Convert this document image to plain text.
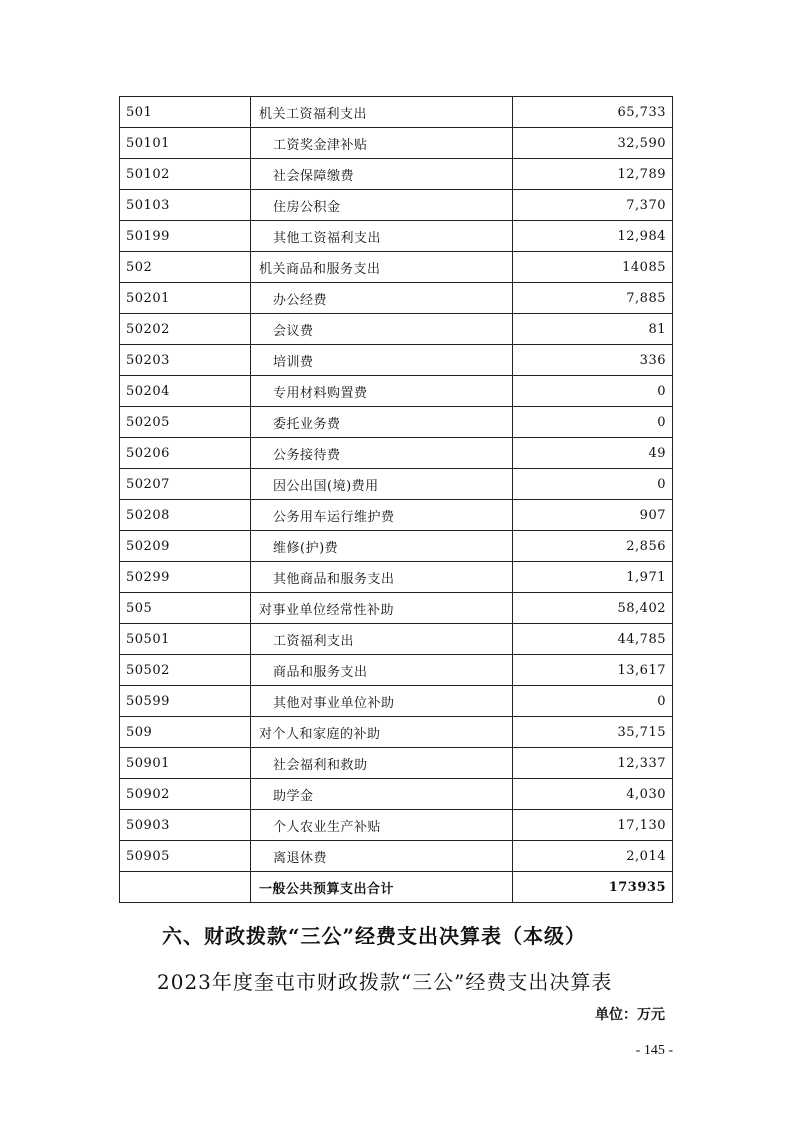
501	机关工资福利支出	65,733
50101	工资奖金津补贴	32,590
50102	社会保障缴费	12,789
50103	住房公积金	7,370
50199	其他工资福利支出	12,984
502	机关商品和服务支出	14085
50201	办公经费	7,885
50202	会议费	81
50203	培训费	336
50204	专用材料购置费	0
50205	委托业务费	0
50206	公务接待费	49
50207	因公出国(境)费用	0
50208	公务用车运行维护费	907
50209	维修(护)费	2,856
50299	其他商品和服务支出	1,971
505	对事业单位经常性补助	58,402
50501	工资福利支出	44,785
50502	商品和服务支出	13,617
50599	其他对事业单位补助	0
509	对个人和家庭的补助	35,715
50901	社会福利和救助	12,337
50902	助学金	4,030
50903	个人农业生产补贴	17,130
50905	离退休费	2,014
	一般公共预算支出合计	173935
六、财政拨款“三公”经费支出决算表（本级）
2023年度奎屯市财政拨款“三公”经费支出决算表
单位：万元
- 145 -
